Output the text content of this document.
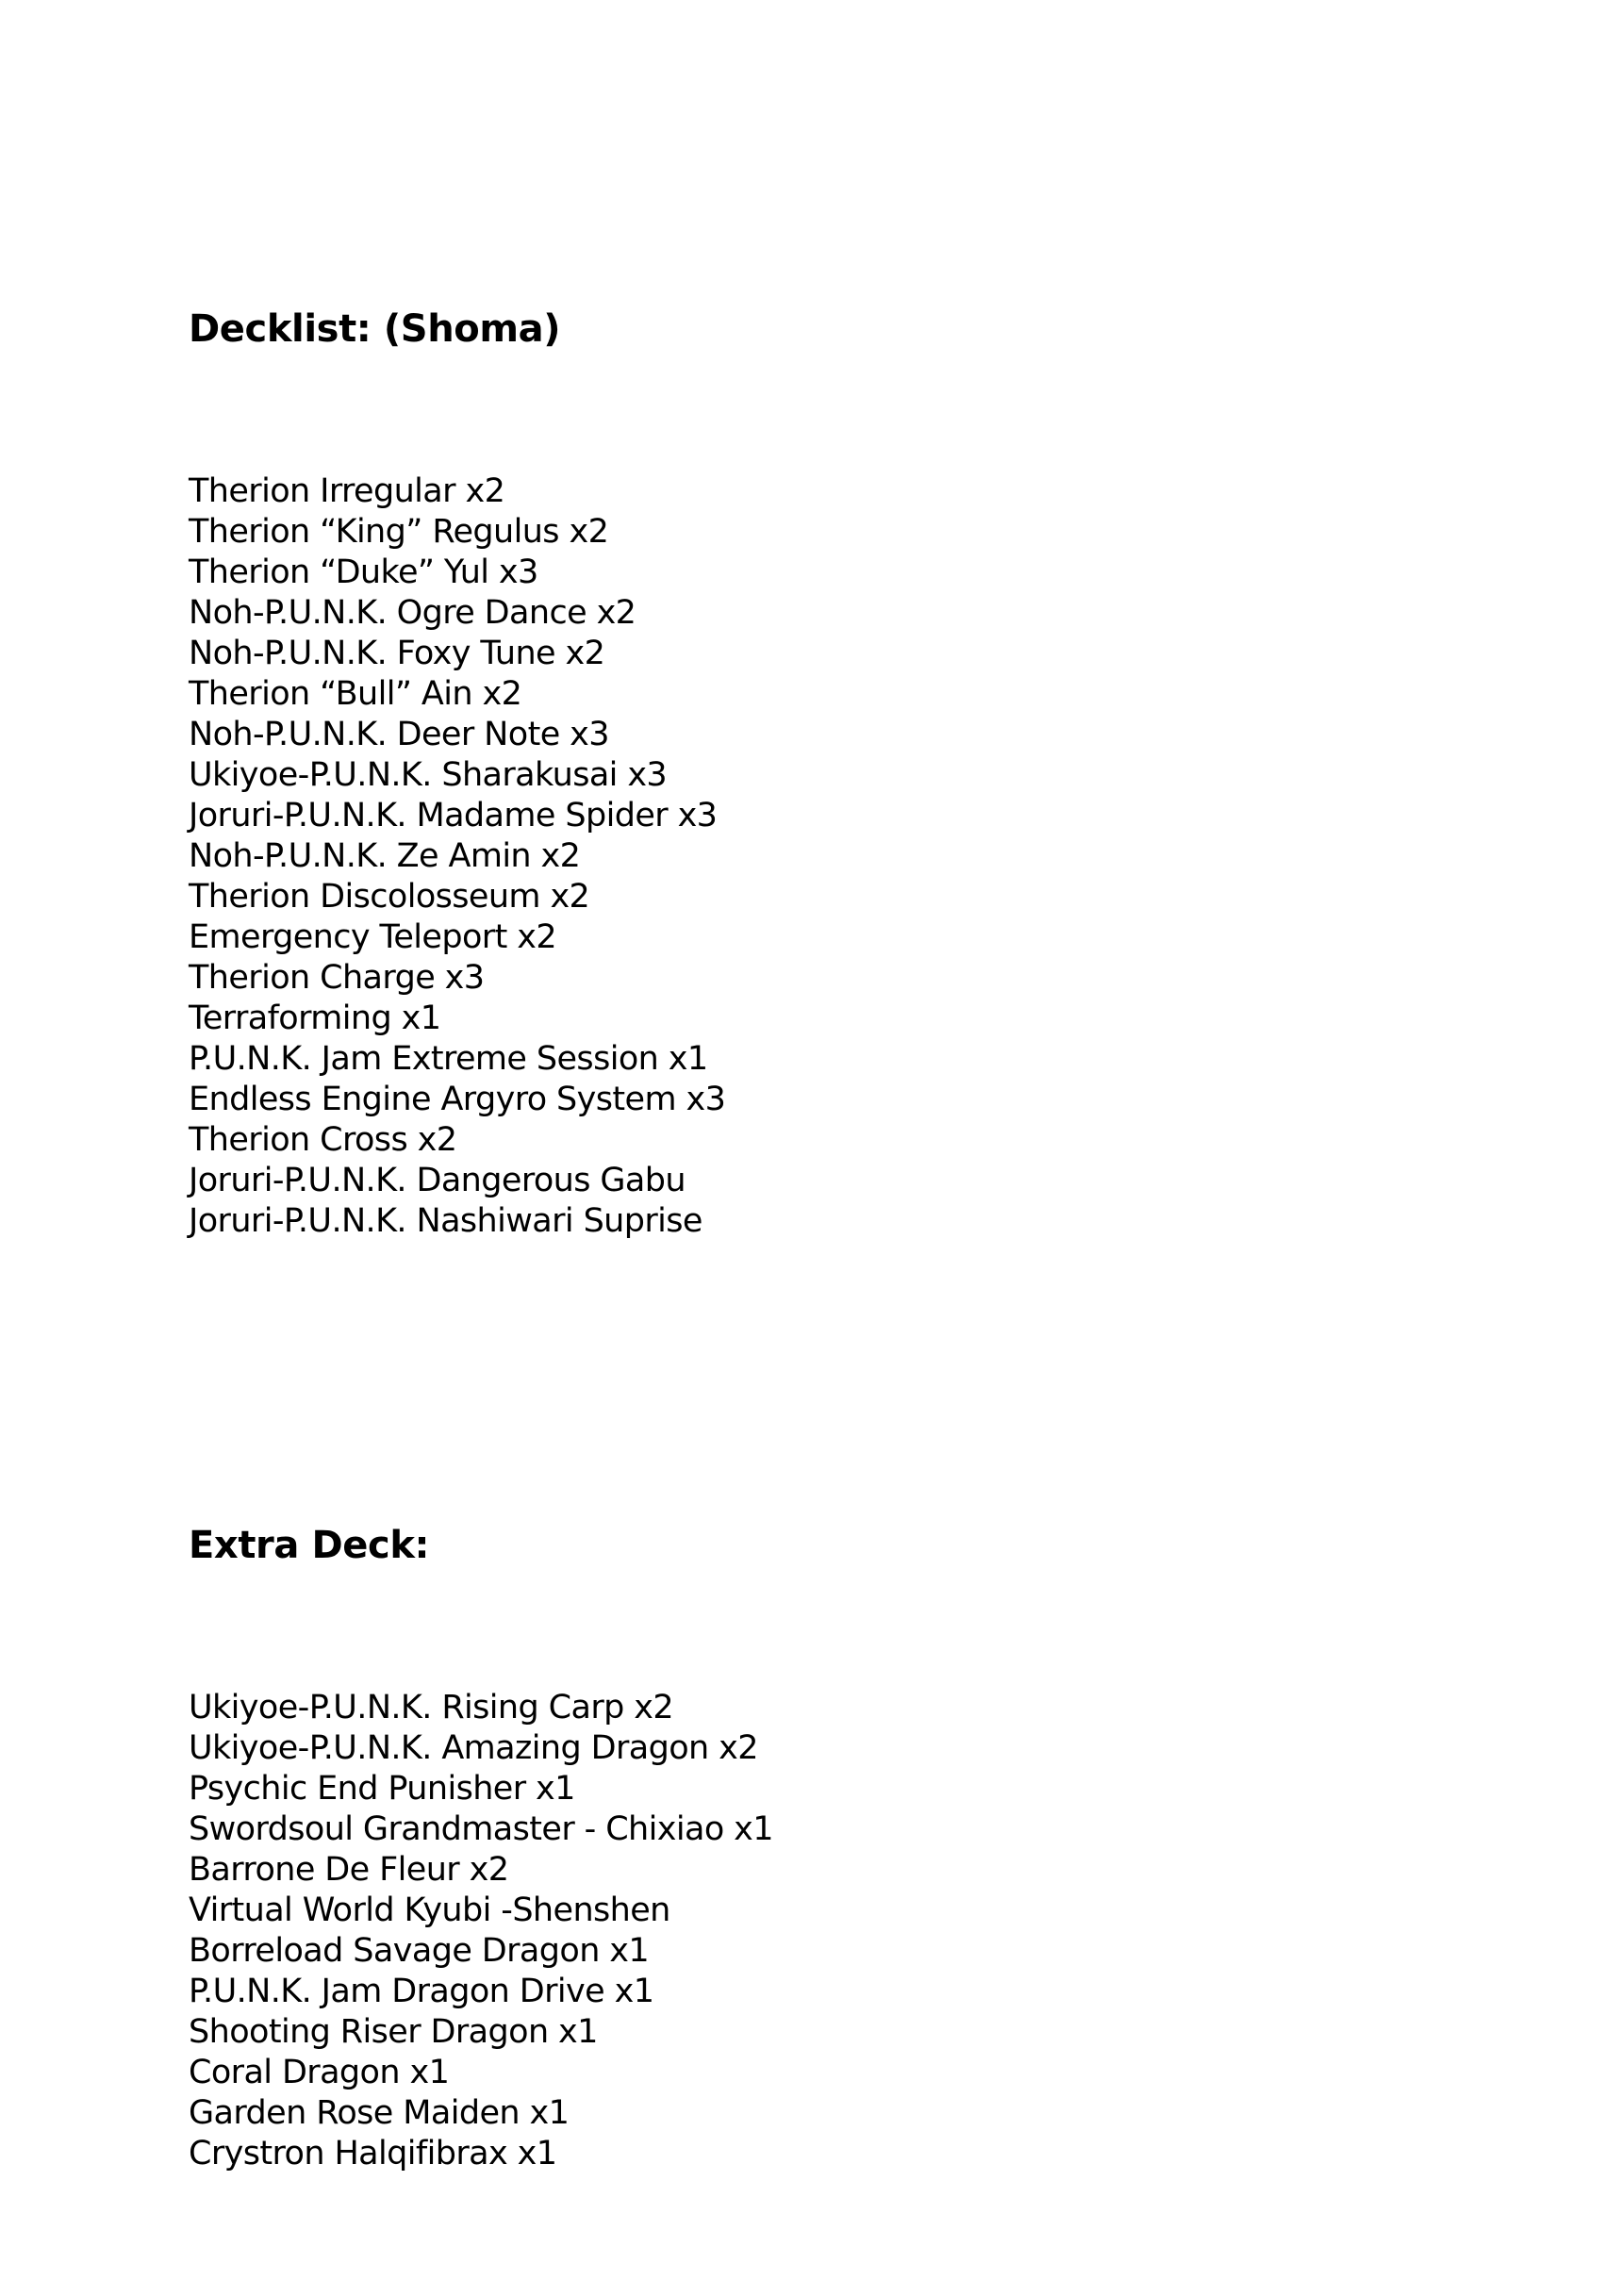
Decklist: (Shoma)

Therion Irregular x2
Therion “King” Regulus x2
Therion “Duke” Yul x3
Noh-P.U.N.K. Ogre Dance x2
Noh-P.U.N.K. Foxy Tune x2
Therion “Bull” Ain x2
Noh-P.U.N.K. Deer Note x3
Ukiyoe-P.U.N.K. Sharakusai x3
Joruri-P.U.N.K. Madame Spider x3
Noh-P.U.N.K. Ze Amin x2
Therion Discolosseum x2
Emergency Teleport x2
Therion Charge x3
Terraforming x1
P.U.N.K. Jam Extreme Session x1
Endless Engine Argyro System x3
Therion Cross x2
Joruri-P.U.N.K. Dangerous Gabu
Joruri-P.U.N.K. Nashiwari Suprise

Extra Deck:

Ukiyoe-P.U.N.K. Rising Carp x2
Ukiyoe-P.U.N.K. Amazing Dragon x2
Psychic End Punisher x1
Swordsoul Grandmaster - Chixiao x1
Barrone De Fleur x2
Virtual World Kyubi -Shenshen
Borreload Savage Dragon x1
P.U.N.K. Jam Dragon Drive x1
Shooting Riser Dragon x1
Coral Dragon x1
Garden Rose Maiden x1
Crystron Halqifibrax x1
